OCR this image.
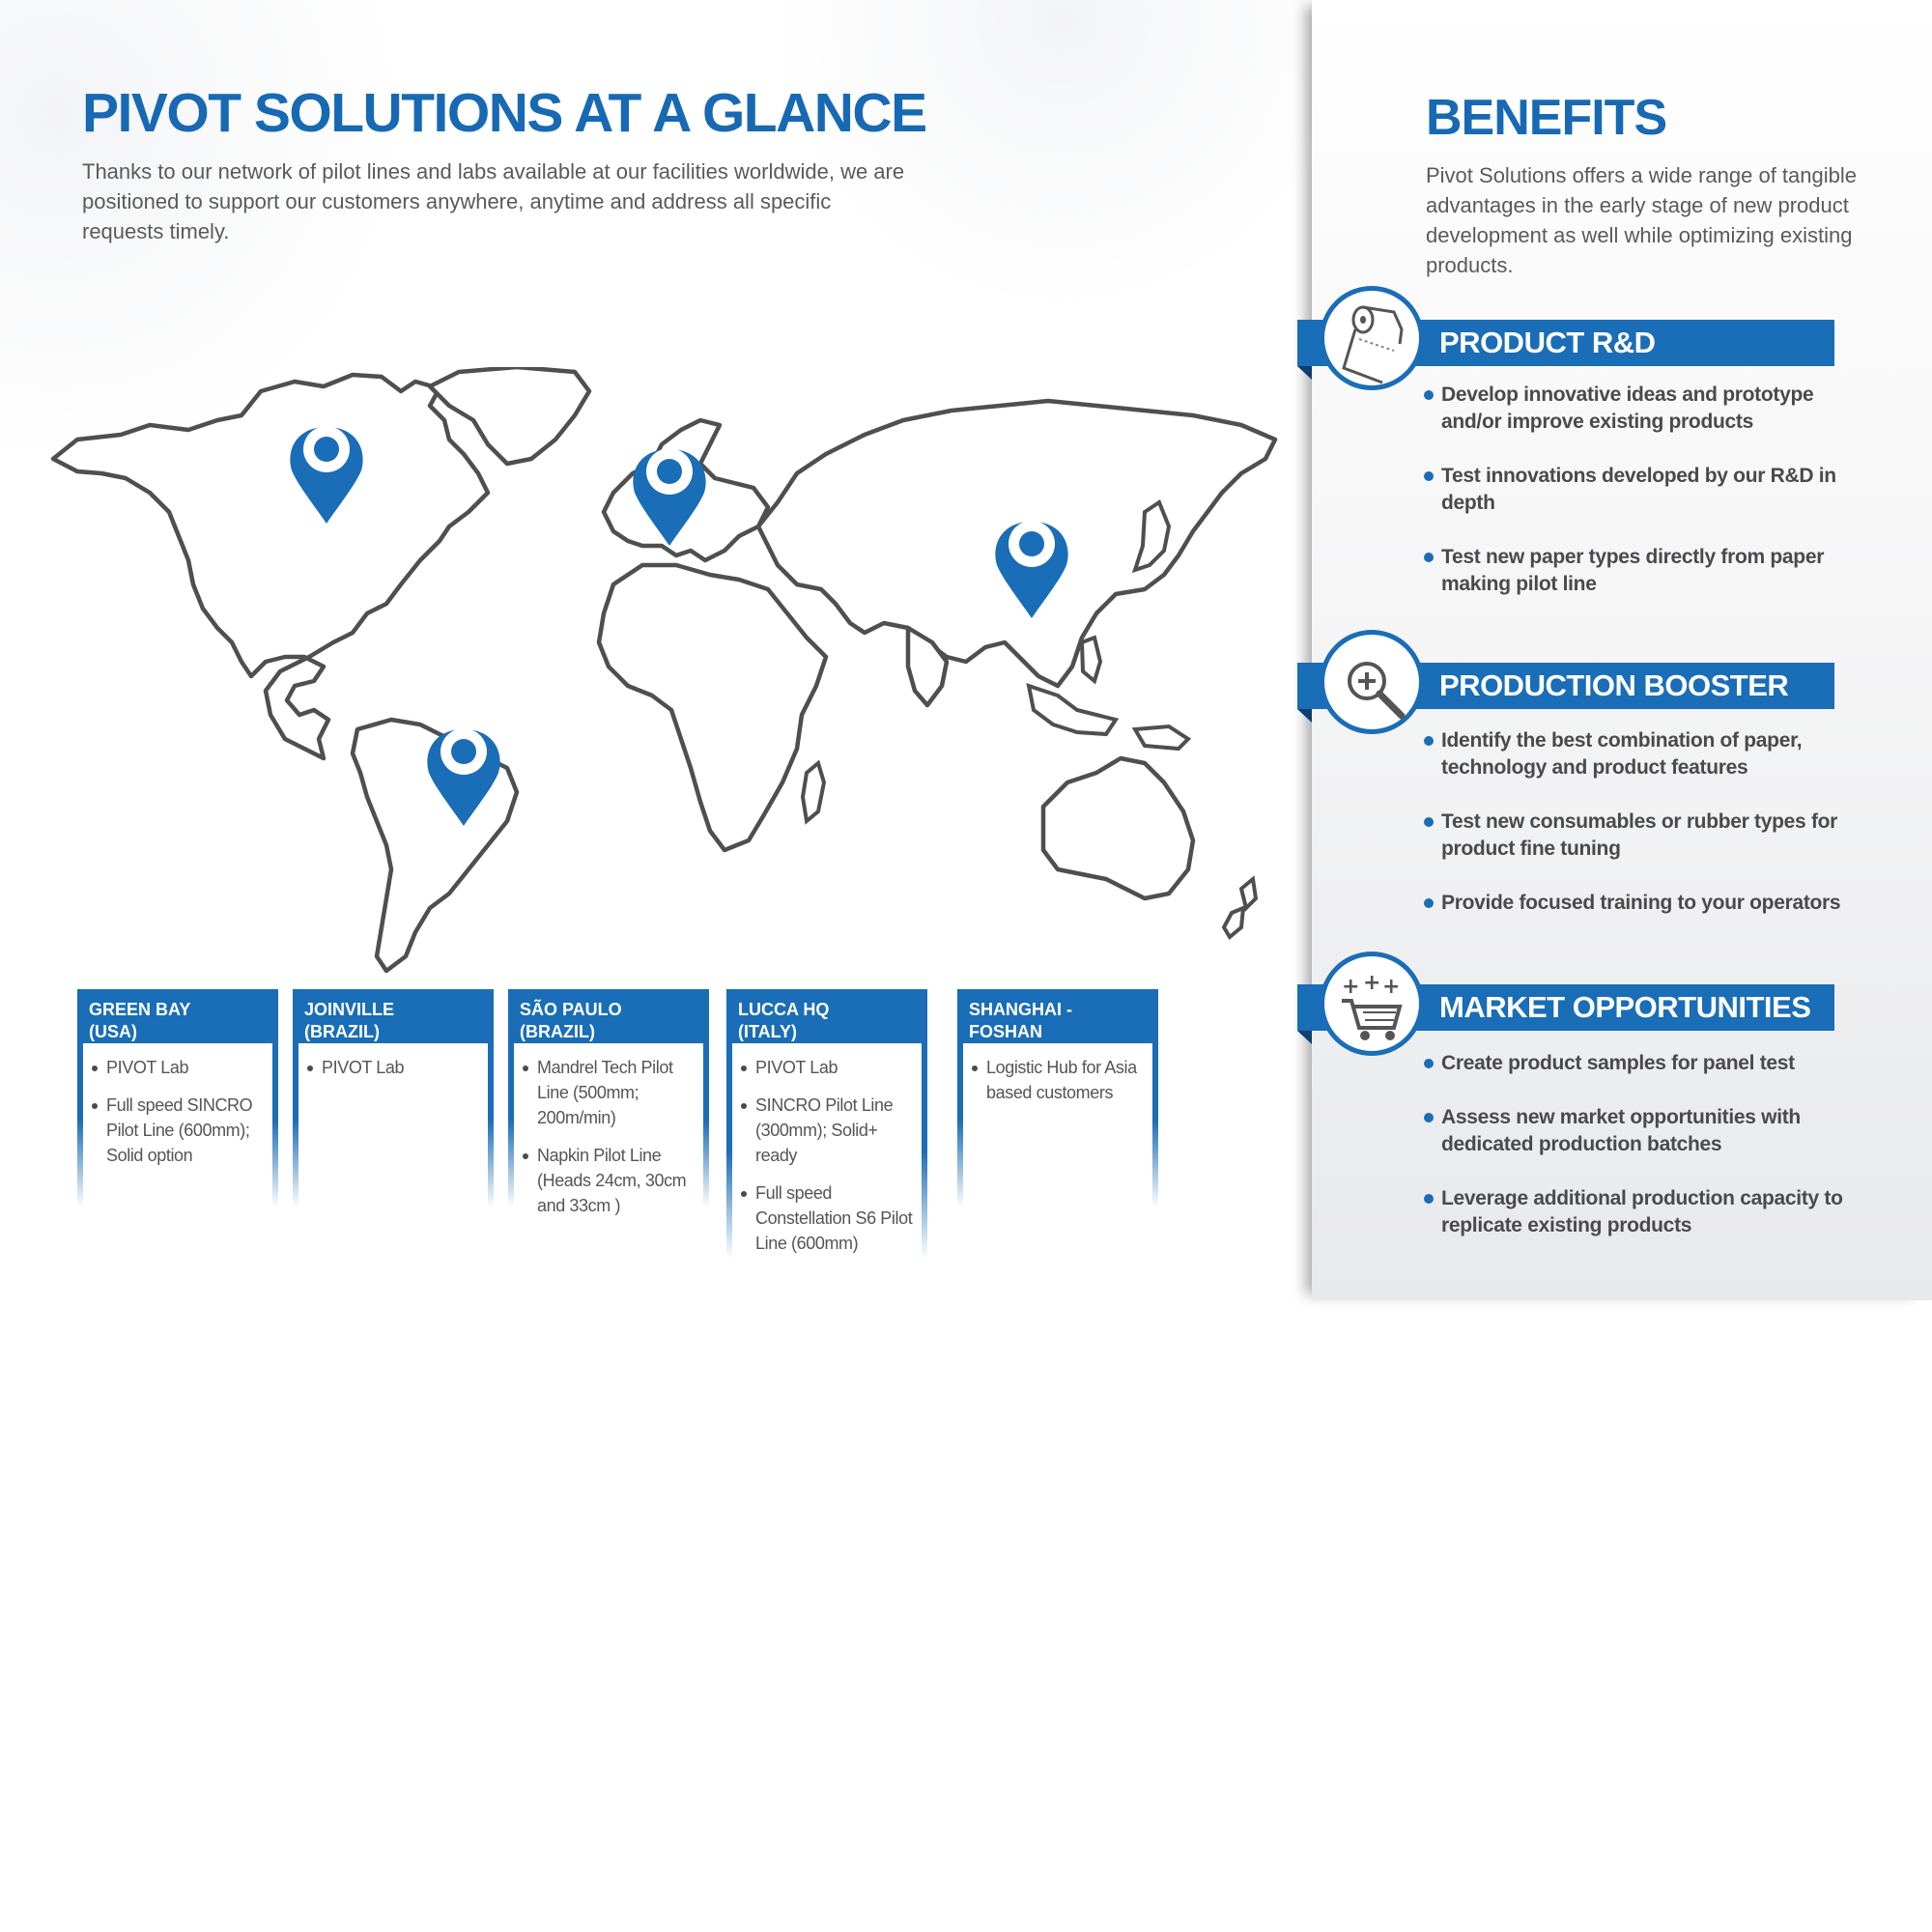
PIVOT SOLUTIONS AT A GLANCE

Thanks to our network of pilot lines and labs available at our facilities worldwide, we are positioned to support our customers anywhere, anytime and address all specific requests timely.

GREEN BAY
(USA)
PIVOT Lab
Full speed SINCRO Pilot Line (600mm); Solid option
JOINVILLE
(BRAZIL)
PIVOT Lab
SÃO PAULO
(BRAZIL)
Mandrel Tech Pilot Line (500mm; 200m/min)
Napkin Pilot Line (Heads 24cm, 30cm and 33cm )
LUCCA HQ
(ITALY)
PIVOT Lab
SINCRO Pilot Line (300mm); Solid+ ready
Full speed Constellation S6 Pilot Line (600mm)
SHANGHAI - FOSHAN
(PRC)
Logistic Hub for Asia based customers
BENEFITS

Pivot Solutions offers a wide range of tangible advantages in the early stage of new product development as well while optimizing existing products.

PRODUCT R&D
Develop innovative ideas and prototype and/or improve existing products
Test innovations developed by our R&D in depth
Test new paper types directly from paper making pilot line
PRODUCTION BOOSTER
Identify the best combination of paper, technology and product features
Test new consumables or rubber types for product fine tuning
Provide focused training to your operators
MARKET OPPORTUNITIES
+ + +
Create product samples for panel test
Assess new market opportunities with dedicated production batches
Leverage additional production capacity to replicate existing products
